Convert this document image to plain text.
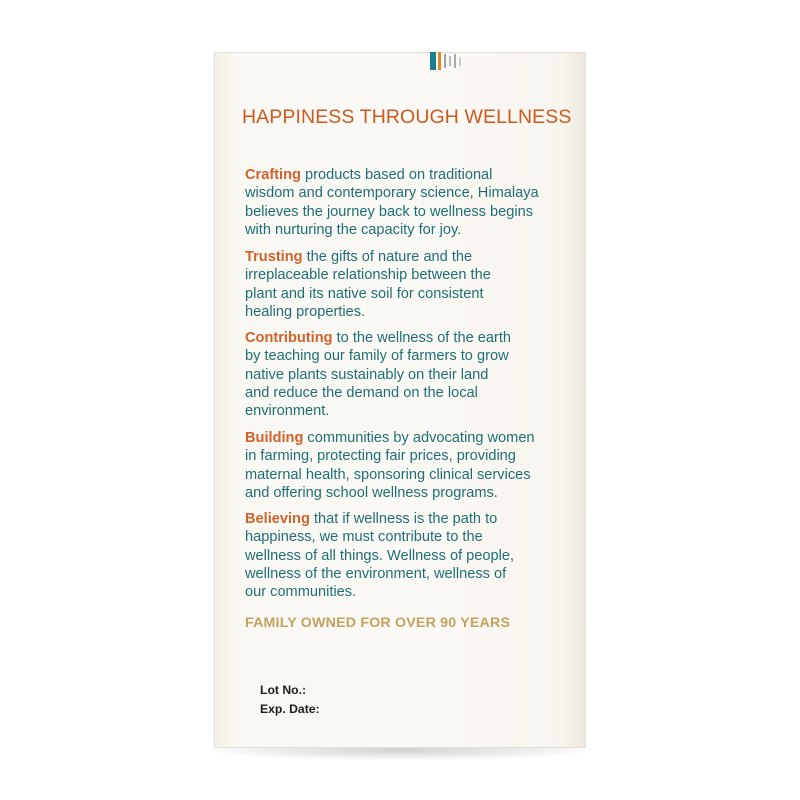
HAPPINESS THROUGH WELLNESS
Crafting products based on traditional
wisdom and contemporary science, Himalaya
believes the journey back to wellness begins
with nurturing the capacity for joy.
Trusting the gifts of nature and the
irreplaceable relationship between the
plant and its native soil for consistent
healing properties.
Contributing to the wellness of the earth
by teaching our family of farmers to grow
native plants sustainably on their land
and reduce the demand on the local
environment.
Building communities by advocating women
in farming, protecting fair prices, providing
maternal health, sponsoring clinical services
and offering school wellness programs.
Believing that if wellness is the path to
happiness, we must contribute to the
wellness of all things. Wellness of people,
wellness of the environment, wellness of
our communities.
FAMILY OWNED FOR OVER 90 YEARS
Lot No.:
Exp. Date:
